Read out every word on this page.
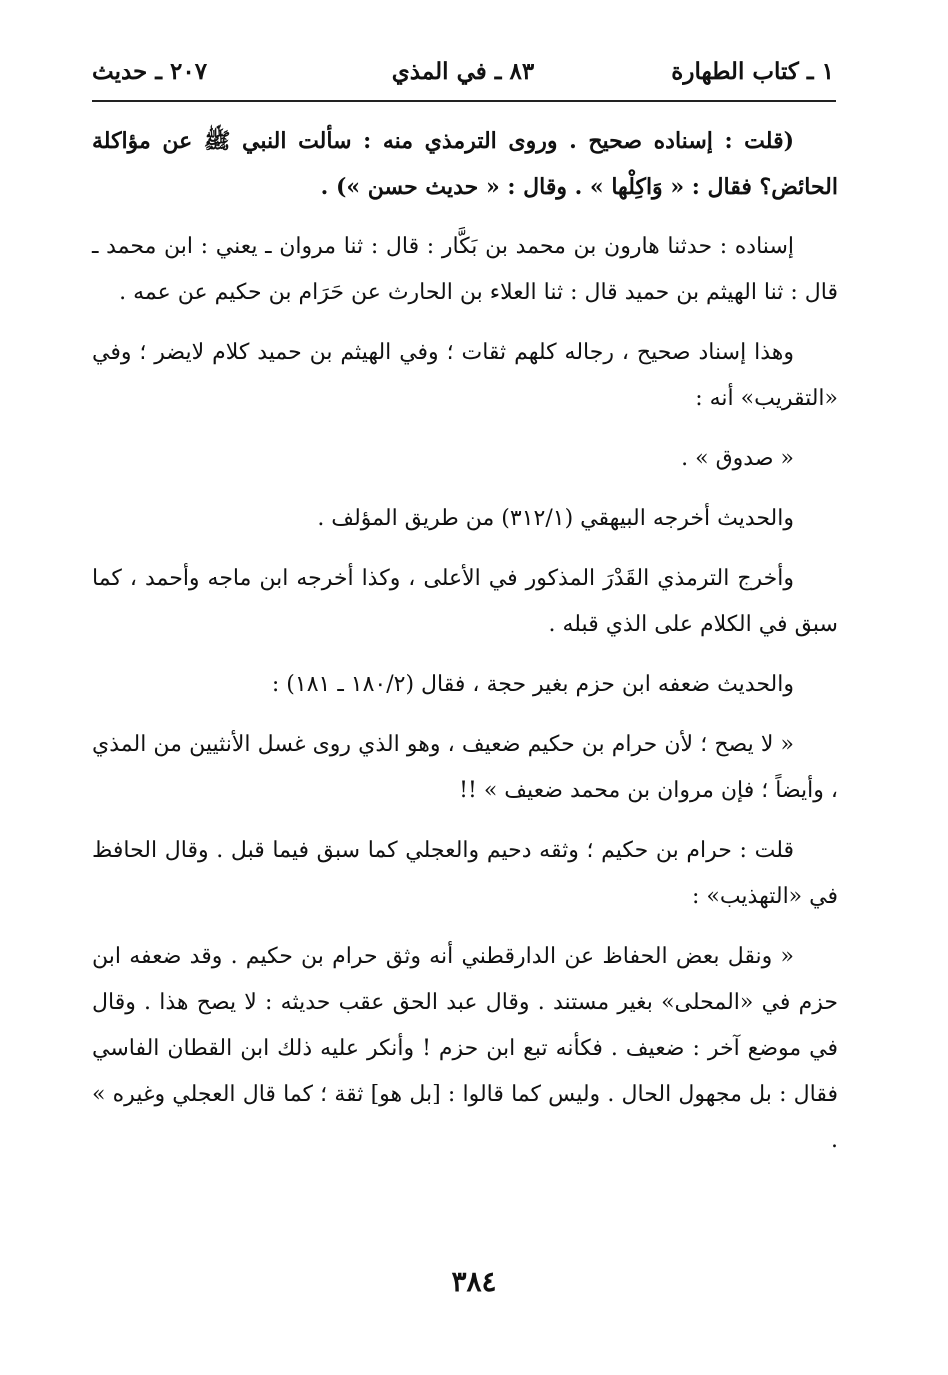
١ ـ كتاب الطهارة
٨٣ ـ في المذي
٢٠٧ ـ حديث

(قلت : إسناده صحيح . وروى الترمذي منه : سألت النبي ﷺ عن مؤاكلة الحائض؟ فقال : « وَاكِلْها » . وقال : « حديث حسن ») .

إسناده : حدثنا هارون بن محمد بن بَكَّار : قال : ثنا مروان ـ يعني : ابن محمد ـ قال : ثنا الهيثم بن حميد قال : ثنا العلاء بن الحارث عن حَرَام بن حكيم عن عمه .

وهذا إسناد صحيح ، رجاله كلهم ثقات ؛ وفي الهيثم بن حميد كلام لايضر ؛ وفي «التقريب» أنه :

« صدوق » .

والحديث أخرجه البيهقي (٣١٢/١) من طريق المؤلف .

وأخرج الترمذي القَدْرَ المذكور في الأعلى ، وكذا أخرجه ابن ماجه وأحمد ، كما سبق في الكلام على الذي قبله .

والحديث ضعفه ابن حزم بغير حجة ، فقال (١٨٠/٢ ـ ١٨١) :

« لا يصح ؛ لأن حرام بن حكيم ضعيف ، وهو الذي روى غسل الأنثيين من المذي ، وأيضاً ؛ فإن مروان بن محمد ضعيف » !!

قلت : حرام بن حكيم ؛ وثقه دحيم والعجلي كما سبق فيما قبل . وقال الحافظ في «التهذيب» :

« ونقل بعض الحفاظ عن الدارقطني أنه وثق حرام بن حكيم . وقد ضعفه ابن حزم في «المحلى» بغير مستند . وقال عبد الحق عقب حديثه : لا يصح هذا . وقال في موضع آخر : ضعيف . فكأنه تبع ابن حزم ! وأنكر عليه ذلك ابن القطان الفاسي فقال : بل مجهول الحال . وليس كما قالوا : [بل هو] ثقة ؛ كما قال العجلي وغيره » .

٣٨٤
